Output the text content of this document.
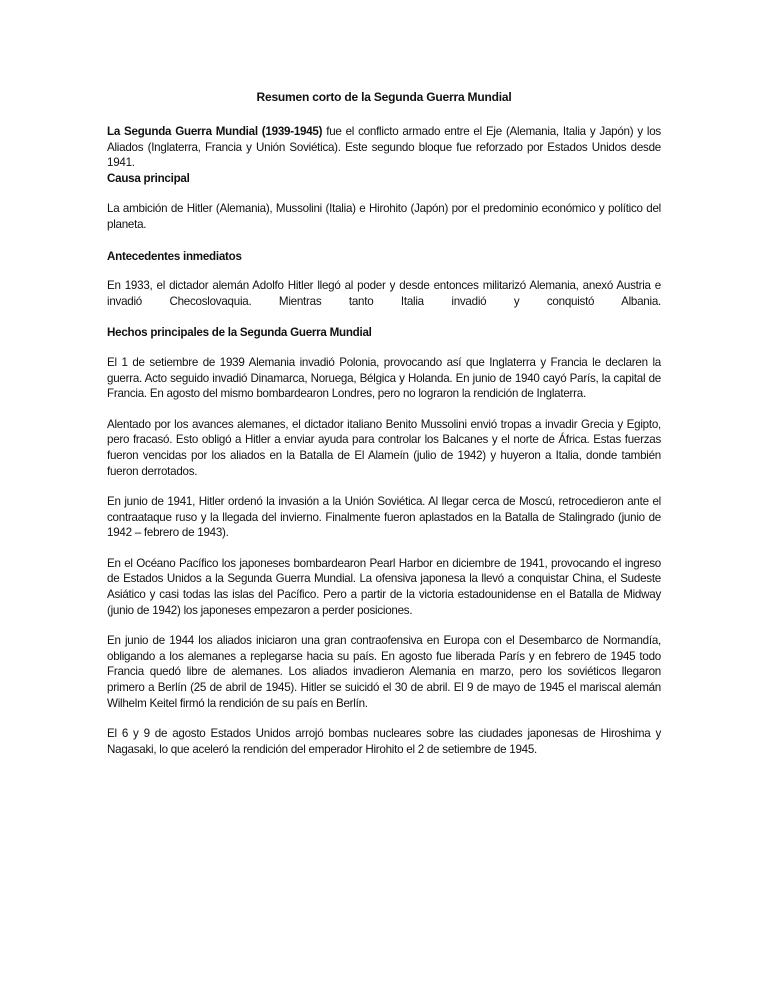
Resumen corto de la Segunda Guerra Mundial

La Segunda Guerra Mundial (1939-1945) fue el conflicto armado entre el Eje (Alemania, Italia y Japón) y los Aliados (Inglaterra, Francia y Unión Soviética). Este segundo bloque fue reforzado por Estados Unidos desde 1941.

Causa principal

La ambición de Hitler (Alemania), Mussolini (Italia) e Hirohito (Japón) por el predominio económico y político del planeta.

Antecedentes inmediatos

En 1933, el dictador alemán Adolfo Hitler llegó al poder y desde entonces militarizó Alemania, anexó Austria e
invadió Checoslovaquia. Mientras tanto Italia invadió y conquistó Albania.

Hechos principales de la Segunda Guerra Mundial

El 1 de setiembre de 1939 Alemania invadió Polonia, provocando así que Inglaterra y Francia le declaren la guerra. Acto seguido invadió Dinamarca, Noruega, Bélgica y Holanda. En junio de 1940 cayó París, la capital de Francia. En agosto del mismo bombardearon Londres, pero no lograron la rendición de Inglaterra.

Alentado por los avances alemanes, el dictador italiano Benito Mussolini envió tropas a invadir Grecia y Egipto, pero fracasó. Esto obligó a Hitler a enviar ayuda para controlar los Balcanes y el norte de África. Estas fuerzas fueron vencidas por los aliados en la Batalla de El Alameín (julio de 1942) y huyeron a Italia, donde también fueron derrotados.

En junio de 1941, Hitler ordenó la invasión a la Unión Soviética. Al llegar cerca de Moscú, retrocedieron ante el contraataque ruso y la llegada del invierno. Finalmente fueron aplastados en la Batalla de Stalingrado (junio de 1942 – febrero de 1943).

En el Océano Pacífico los japoneses bombardearon Pearl Harbor en diciembre de 1941, provocando el ingreso de Estados Unidos a la Segunda Guerra Mundial. La ofensiva japonesa la llevó a conquistar China, el Sudeste Asiático y casi todas las islas del Pacífico. Pero a partir de la victoria estadounidense en el Batalla de Midway (junio de 1942) los japoneses empezaron a perder posiciones.

En junio de 1944 los aliados iniciaron una gran contraofensiva en Europa con el Desembarco de Normandía, obligando a los alemanes a replegarse hacia su país. En agosto fue liberada París y en febrero de 1945 todo Francia quedó libre de alemanes. Los aliados invadieron Alemania en marzo, pero los soviéticos llegaron primero a Berlín (25 de abril de 1945). Hitler se suicidó el 30 de abril. El 9 de mayo de 1945 el mariscal alemán Wilhelm Keitel firmó la rendición de su país en Berlín.

El 6 y 9 de agosto Estados Unidos arrojó bombas nucleares sobre las ciudades japonesas de Hiroshima y Nagasaki, lo que aceleró la rendición del emperador Hirohito el 2 de setiembre de 1945.
